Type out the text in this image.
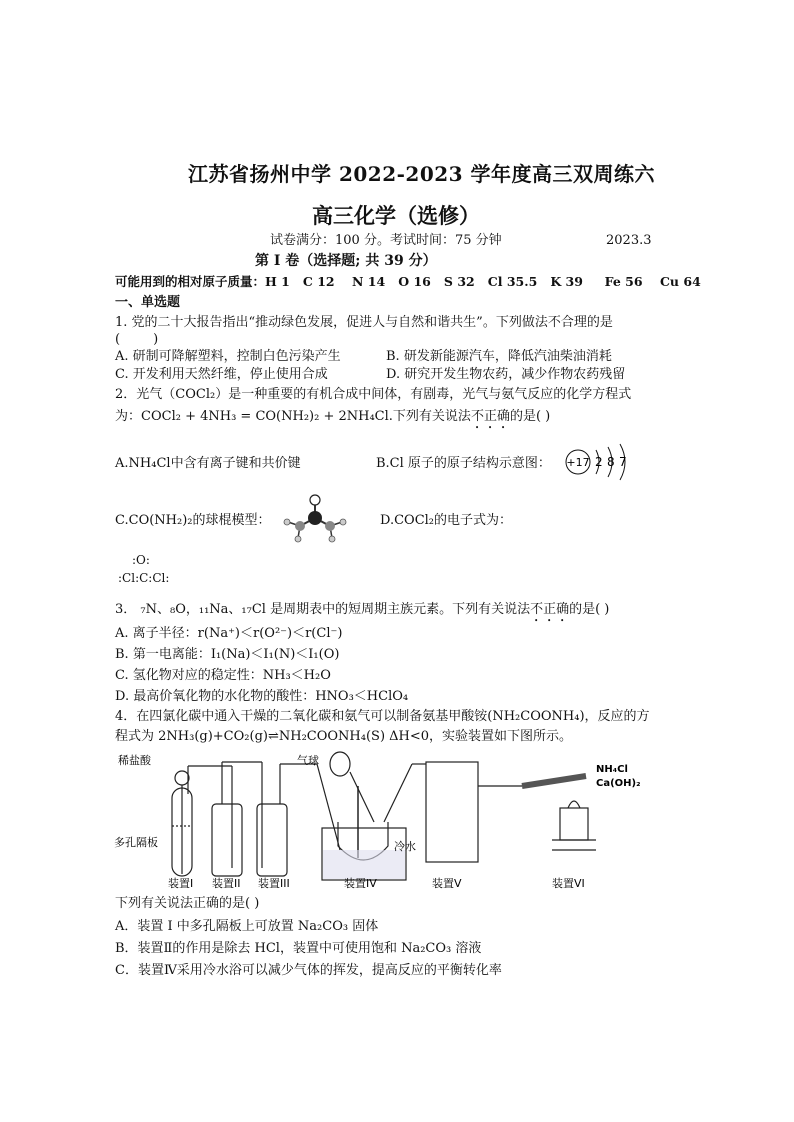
江苏省扬州中学 2022-2023 学年度高三双周练六
高三化学（选修）
试卷满分：100 分。考试时间：75 分钟	2023.3
第 I 卷（选择题; 共 39 分）
可能用到的相对原子质量：H 1   C 12    N 14   O 16   S 32   Cl 35.5   K 39     Fe 56    Cu 64
一、单选题
1. 党的二十大报告指出“推动绿色发展，促进人与自然和谐共生”。下列做法不合理的是
(        )
A. 研制可降解塑料，控制白色污染产生	B. 研发新能源汽车，降低汽油柴油消耗
C. 开发利用天然纤维，停止使用合成	D. 研究开发生物农药，减少作物农药残留
2．光气（COCl₂）是一种重要的有机合成中间体，有剧毒，光气与氨气反应的化学方程式
为：COCl₂ + 4NH₃ = CO(NH₂)₂ + 2NH₄Cl.下列有关说法不正确的是( )
A.NH₄Cl中含有离子键和共价键	B.Cl 原子的原子结构示意图： +17 2 8 7
C.CO(NH₂)₂的球棍模型：	D.COCl₂的电子式为：
:O:
:Cl:C:Cl:
3． ₇N、₈O，₁₁Na、₁₇Cl 是周期表中的短周期主族元素。下列有关说法不正确的是( )
A. 离子半径：r(Na⁺)＜r(O²⁻)＜r(Cl⁻)
B. 第一电离能：I₁(Na)＜I₁(N)＜I₁(O)
C. 氢化物对应的稳定性：NH₃＜H₂O
D. 最高价氧化物的水化物的酸性：HNO₃＜HClO₄
4．在四氯化碳中通入干燥的二氧化碳和氨气可以制备氨基甲酸铵(NH₂COONH₄)，反应的方
程式为 2NH₃(g)+CO₂(g)⇌NH₂COONH₄(S) ΔH<0，实验装置如下图所示。
稀盐酸
多孔隔板
气球
冷水
NH₄Cl
Ca(OH)₂
装置I 装置II 装置III	装置IV	装置V	装置VI
下列有关说法正确的是( )
A．装置 I 中多孔隔板上可放置 Na₂CO₃ 固体
B．装置Ⅱ的作用是除去 HCl，装置中可使用饱和 Na₂CO₃ 溶液
C．装置Ⅳ采用冷水浴可以减少气体的挥发，提高反应的平衡转化率
